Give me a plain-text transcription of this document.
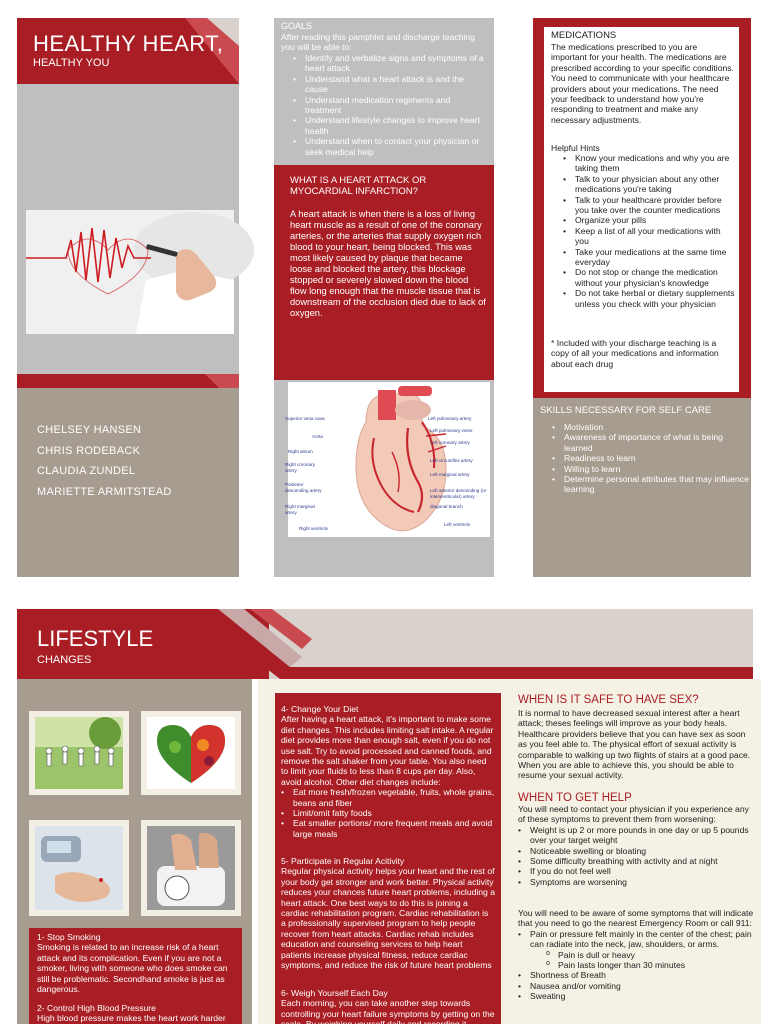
HEALTHY HEART,
HEALTHY YOU
CHELSEY HANSEN
CHRIS RODEBACK
CLAUDIA ZUNDEL
MARIETTE ARMITSTEAD
GOALS
After reading this pamphlet and discharge teaching you will be able to:
• Identify and verbalize signs and symptoms of a heart attack
• Understand what a heart attack is and the cause
• Understand medication regiments and treatment
• Understand lifestyle changes to improve heart health
• Understand when to contact your physician or seek medical help
WHAT IS A HEART ATTACK OR MYOCARDIAL INFARCTION?
A heart attack is when there is a loss of living heart muscle as a result of one of the coronary arteries, or the arteries that supply oxygen rich blood to your heart, being blocked. This was most likely caused by plaque that became loose and blocked the artery, this blockage stopped or severely slowed down the blood flow long enough that the muscle tissue that is downstream of the occlusion died due to lack of oxygen.
Superior vena cava
Aorta
Right atrium
Right coronary artery
Posterior descending artery
Right marginal artery
Right ventricle
Left pulmonary artery
Left pulmonary veins
Left coronary artery
Left circumflex artery
Left marginal artery
Left anterior descending (or interventricular) artery
diagonal branch
Left ventricle
MEDICATIONS
The medications prescribed to you are important for your health. The medications are prescribed according to your specific conditions. You need to communicate with your healthcare providers about your medications. The need your feedback to understand how you're responding to treatment and make any necessary adjustments.
Helpful Hints
• Know your medications and why you are taking them
• Talk to your physician about any other medications you're taking
• Talk to your healthcare provider before you take over the counter medications
• Organize your pills
• Keep a list of all your medications with you
• Take your medications at the same time everyday
• Do not stop or change the medication without your physician's knowledge
• Do not take herbal or dietary supplements unless you check with your physician
* Included with your discharge teaching is a copy of all your medications and information about each drug
SKILLS NECESSARY FOR SELF CARE
• Motivation
• Awareness of importance of what is being learned
• Readiness to learn
• Willing to learn
• Determine personal attributes that may influence learning
LIFESTYLE
CHANGES
1- Stop Smoking
Smoking is related to an increase risk of a heart attack and its complication. Even if you are not a smoker, living with someone who does smoke can still be problematic. Secondhand smoke is just as dangerous.
2- Control High Blood Pressure
High blood pressure makes the heart work harder
4- Change Your Diet
After having a heart attack, it's important to make some diet changes. This includes limiting salt intake. A regular diet provides more than enough salt, even if you do not use salt. Try to avoid processed and canned foods, and remove the salt shaker from your table. You also need to limit your fluids to less than 8 cups per day. Also, avoid alcohol. Other diet changes include:
• Eat more fresh/frozen vegetable, fruits, whole grains, beans and fiber
• Limit/omit fatty foods
• Eat smaller portions/ more frequent meals and avoid large meals
5- Participate in Regular Acitivity
Regular physical activity helps your heart and the rest of your body get stronger and work better. Physical activity reduces your chances future heart problems, including a heart attack. One best ways to do this is joining a cardiac rehabilitation program. Cardiac rehabilitation is a professionally supervised program to help people recover from heart attacks. Cardiac rehab includes education and counseling services to help heart patients increase physical fitness, reduce cardiac symptoms, and reduce the risk of future heart problems
6- Weigh Yourself Each Day
Each morning, you can take another step towards controlling your heart failure symptoms by getting on the scale. By weighing yourself daily and recording it
WHEN IS IT SAFE TO HAVE SEX?
It is normal to have decreased sexual interest after a heart attack; theses feelings will improve as your body heals. Healthcare providers believe that you can have sex as soon as you feel able to. The physical effort of sexual activity is comparable to walking up two flights of stairs at a good pace. When you are able to achieve this, you should be able to resume your sexual activity.
WHEN TO GET HELP
You will need to contact your physician if you experience any of these symptoms to prevent them from worsening:
• Weight is up 2 or more pounds in one day or up 5 pounds over your target weight
• Noticeable swelling or bloating
• Some difficulty breathing with activity and at night
• If you do not feel well
• Symptoms are worsening
You will need to be aware of some symptoms that will indicate that you need to go the nearest Emergency Room or call 911:
• Pain or pressure felt mainly in the center of the chest; pain can radiate into the neck, jaw, shoulders, or arms.
o Pain is dull or heavy
o Pain lasts longer than 30 minutes
• Shortness of Breath
• Nausea and/or vomiting
• Sweating
